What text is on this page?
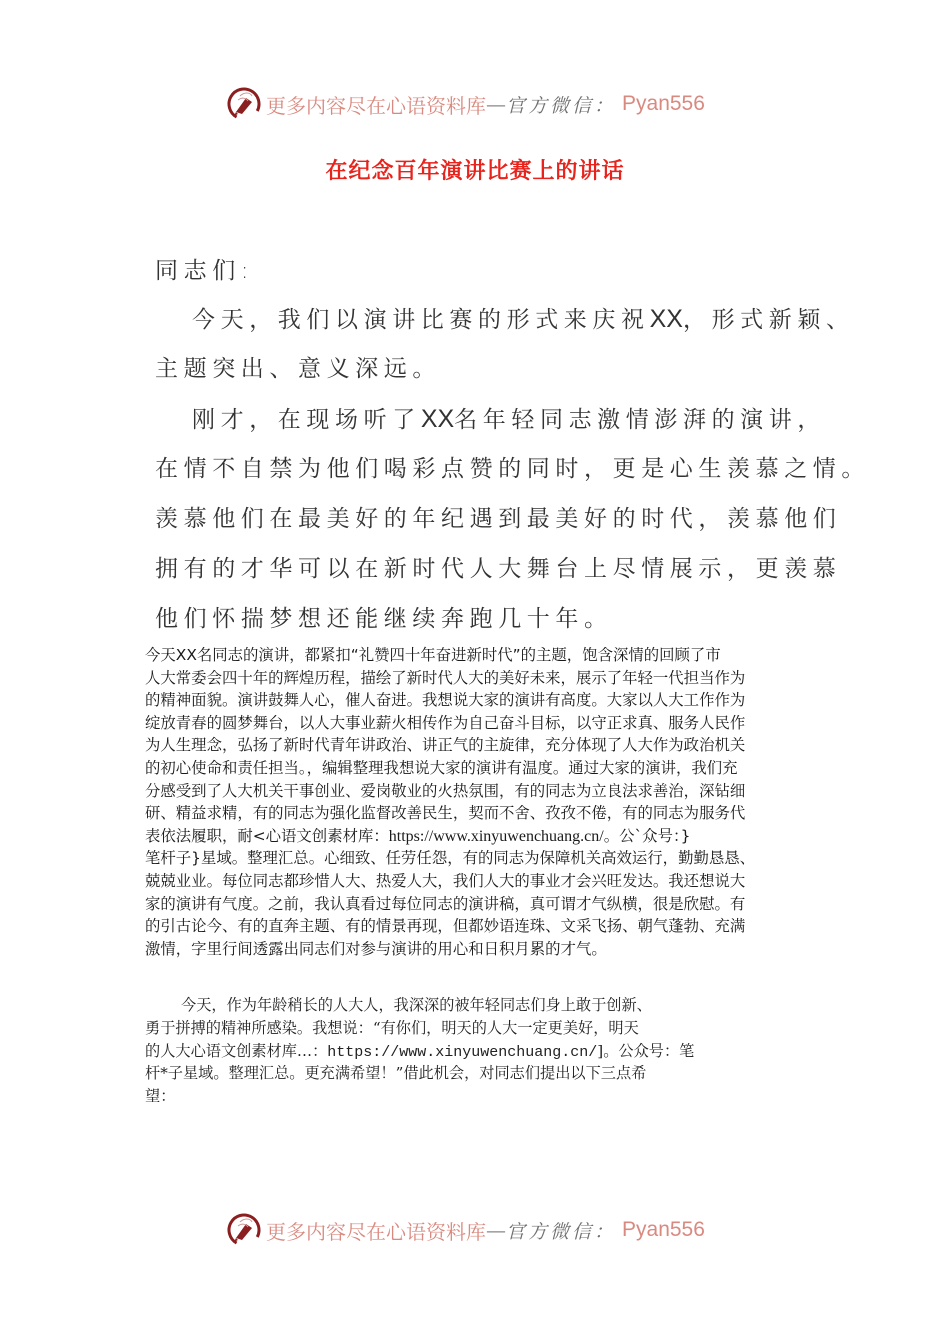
更多内容尽在心语资料库 — 官方微信： Pyan556
在纪念百年演讲比赛上的讲话
同志们:
今天，我们以演讲比赛的形式来庆祝XX，形式新颖、
主题突出、意义深远。
刚才，在现场听了XX名年轻同志激情澎湃的演讲，
在情不自禁为他们喝彩点赞的同时，更是心生羡慕之情。
羡慕他们在最美好的年纪遇到最美好的时代，羡慕他们
拥有的才华可以在新时代人大舞台上尽情展示，更羡慕
他们怀揣梦想还能继续奔跑几十年。
今天XX名同志的演讲，都紧扣“礼赞四十年奋进新时代”的主题，饱含深情的回顾了市
人大常委会四十年的辉煌历程，描绘了新时代人大的美好未来，展示了年轻一代担当作为
的精神面貌。演讲鼓舞人心，催人奋进。我想说大家的演讲有高度。大家以人大工作作为
绽放青春的圆梦舞台，以人大事业薪火相传作为自己奋斗目标，以守正求真、服务人民作
为人生理念，弘扬了新时代青年讲政治、讲正气的主旋律，充分体现了人大作为政治机关
的初心使命和责任担当。，编辑整理我想说大家的演讲有温度。通过大家的演讲，我们充
分感受到了人大机关干事创业、爱岗敬业的火热氛围，有的同志为立良法求善治，深钻细
研、精益求精，有的同志为强化监督改善民生，契而不舍、孜孜不倦，有的同志为服务代
表依法履职，耐<心语文创素材库：https://www.xinyuwenchuang.cn/。公`众号：}
笔杆子}星域。整理汇总。心细致、任劳任怨，有的同志为保障机关高效运行，勤勤恳恳、
兢兢业业。每位同志都珍惜人大、热爱人大，我们人大的事业才会兴旺发达。我还想说大
家的演讲有气度。之前，我认真看过每位同志的演讲稿，真可谓才气纵横，很是欣慰。有
的引古论今、有的直奔主题、有的情景再现，但都妙语连珠、文采飞扬、朝气蓬勃、充满
激情，字里行间透露出同志们对参与演讲的用心和日积月累的才气。
今天，作为年龄稍长的人大人，我深深的被年轻同志们身上敢于创新、
勇于拼搏的精神所感染。我想说：“有你们，明天的人大一定更美好，明天
的人大心语文创素材库…：https://www.xinyuwenchuang.cn/]。公众号：笔
杆*子星域。整理汇总。更充满希望！”借此机会，对同志们提出以下三点希
望：
更多内容尽在心语资料库 — 官方微信： Pyan556
